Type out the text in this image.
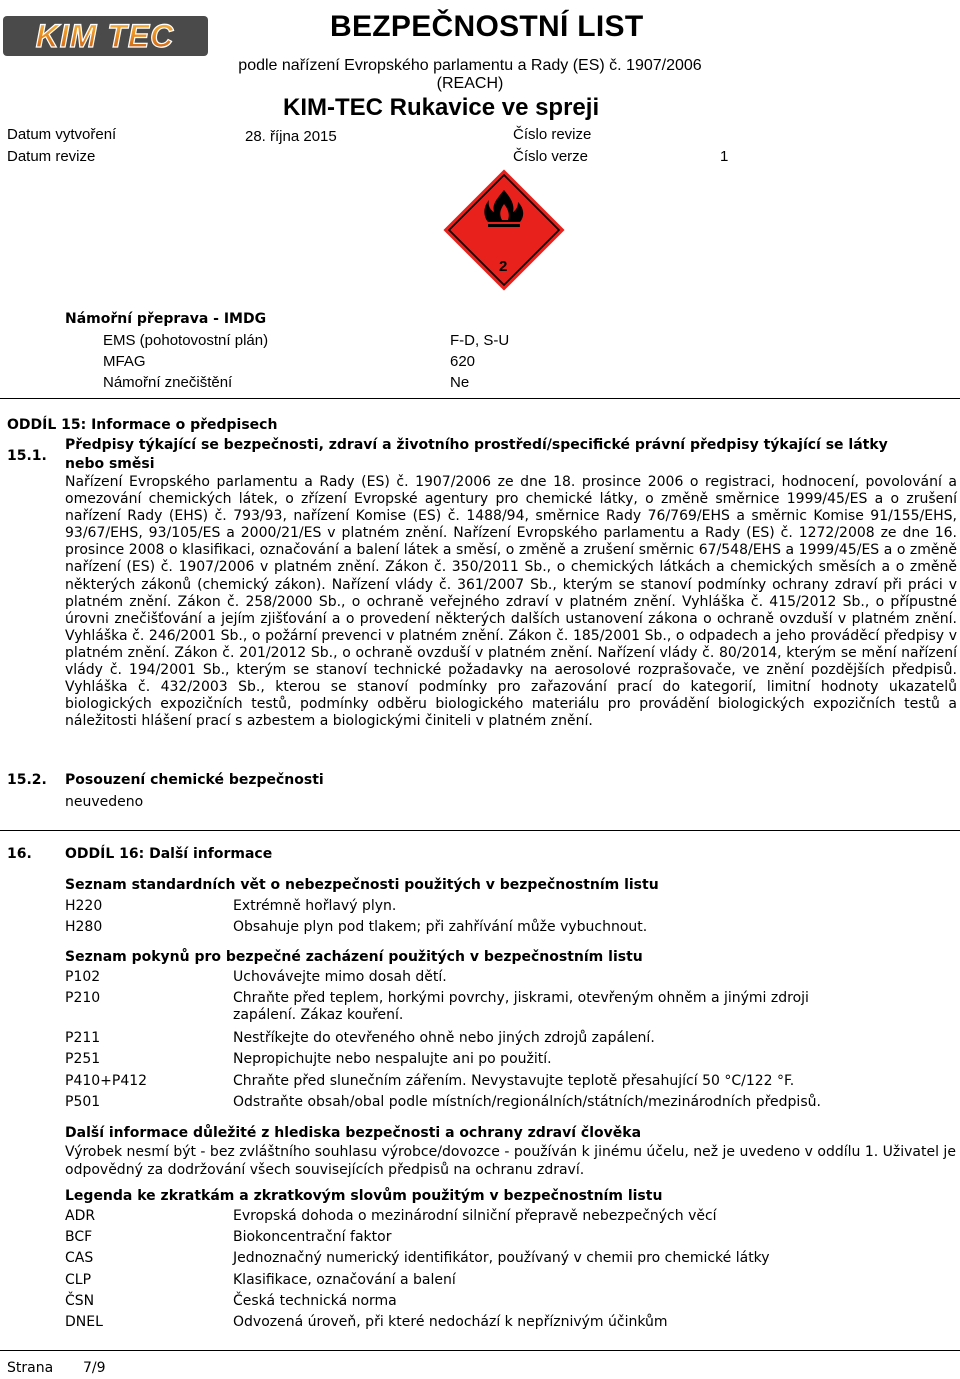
KIM TEC	BEZPEČNOSTNÍ LIST
podle nařízení Evropského parlamentu a Rady (ES) č. 1907/2006
(REACH)
KIM-TEC Rukavice ve spreji
Datum vytvoření	28. října 2015	Číslo revize
Datum revize	Číslo verze	1
2
Námořní přeprava - IMDG
EMS (pohotovostní plán)	F-D, S-U
MFAG	620
Námořní znečištění	Ne
ODDÍL 15: Informace o předpisech
15.1.
Předpisy týkající se bezpečnosti, zdraví a životního prostředí/specifické právní předpisy týkající se látky
nebo směsi
Nařízení Evropského parlamentu a Rady (ES) č. 1907/2006 ze dne 18. prosince 2006 o registraci, hodnocení, povolování a omezování chemických látek, o zřízení Evropské agentury pro chemické látky, o změně směrnice 1999/45/ES a o zrušení nařízení Rady (EHS) č. 793/93, nařízení Komise (ES) č. 1488/94, směrnice Rady 76/769/EHS a směrnic Komise 91/155/EHS, 93/67/EHS, 93/105/ES a 2000/21/ES v platném znění. Nařízení Evropského parlamentu a Rady (ES) č. 1272/2008 ze dne 16. prosince 2008 o klasifikaci, označování a balení látek a směsí, o změně a zrušení směrnic 67/548/EHS a 1999/45/ES a o změně nařízení (ES) č. 1907/2006 v platném znění. Zákon č. 350/2011 Sb., o chemických látkách a chemických směsích a o změně některých zákonů (chemický zákon). Nařízení vlády č. 361/2007 Sb., kterým se stanoví podmínky ochrany zdraví při práci v platném znění. Zákon č. 258/2000 Sb., o ochraně veřejného zdraví v platném znění. Vyhláška č. 415/2012 Sb., o přípustné úrovni znečišťování a jejím zjišťování a o provedení některých dalších ustanovení zákona o ochraně ovzduší v platném znění. Vyhláška č. 246/2001 Sb., o požární prevenci v platném znění. Zákon č. 185/2001 Sb., o odpadech a jeho prováděcí předpisy v platném znění. Zákon č. 201/2012 Sb., o ochraně ovzduší v platném znění. Nařízení vlády č. 80/2014, kterým se mění nařízení vlády č. 194/2001 Sb., kterým se stanoví technické požadavky na aerosolové rozprašovače, ve znění pozdějších předpisů. Vyhláška č. 432/2003 Sb., kterou se stanoví podmínky pro zařazování prací do kategorií, limitní hodnoty ukazatelů biologických expozičních testů, podmínky odběru biologického materiálu pro provádění biologických expozičních testů a náležitosti hlášení prací s azbestem a biologickými činiteli v platném znění.
15.2. Posouzení chemické bezpečnosti
neuvedeno
16. ODDÍL 16: Další informace
Seznam standardních vět o nebezpečnosti použitých v bezpečnostním listu
H220	Extrémně hořlavý plyn.
H280	Obsahuje plyn pod tlakem; při zahřívání může vybuchnout.
Seznam pokynů pro bezpečné zacházení použitých v bezpečnostním listu
P102	Uchovávejte mimo dosah dětí.
P210	Chraňte před teplem, horkými povrchy, jiskrami, otevřeným ohněm a jinými zdroji zapálení. Zákaz kouření.
P211	Nestříkejte do otevřeného ohně nebo jiných zdrojů zapálení.
P251	Nepropichujte nebo nespalujte ani po použití.
P410+P412	Chraňte před slunečním zářením. Nevystavujte teplotě přesahující 50 °C/122 °F.
P501	Odstraňte obsah/obal podle místních/regionálních/státních/mezinárodních předpisů.
Další informace důležité z hlediska bezpečnosti a ochrany zdraví člověka
Výrobek nesmí být - bez zvláštního souhlasu výrobce/dovozce - používán k jinému účelu, než je uvedeno v oddílu 1. Uživatel je odpovědný za dodržování všech souvisejících předpisů na ochranu zdraví.
Legenda ke zkratkám a zkratkovým slovům použitým v bezpečnostním listu
ADR	Evropská dohoda o mezinárodní silniční přepravě nebezpečných věcí
BCF	Biokoncentrační faktor
CAS	Jednoznačný numerický identifikátor, používaný v chemii pro chemické látky
CLP	Klasifikace, označování a balení
ČSN	Česká technická norma
DNEL	Odvozená úroveň, při které nedochází k nepříznivým účinkům
Strana 7/9
